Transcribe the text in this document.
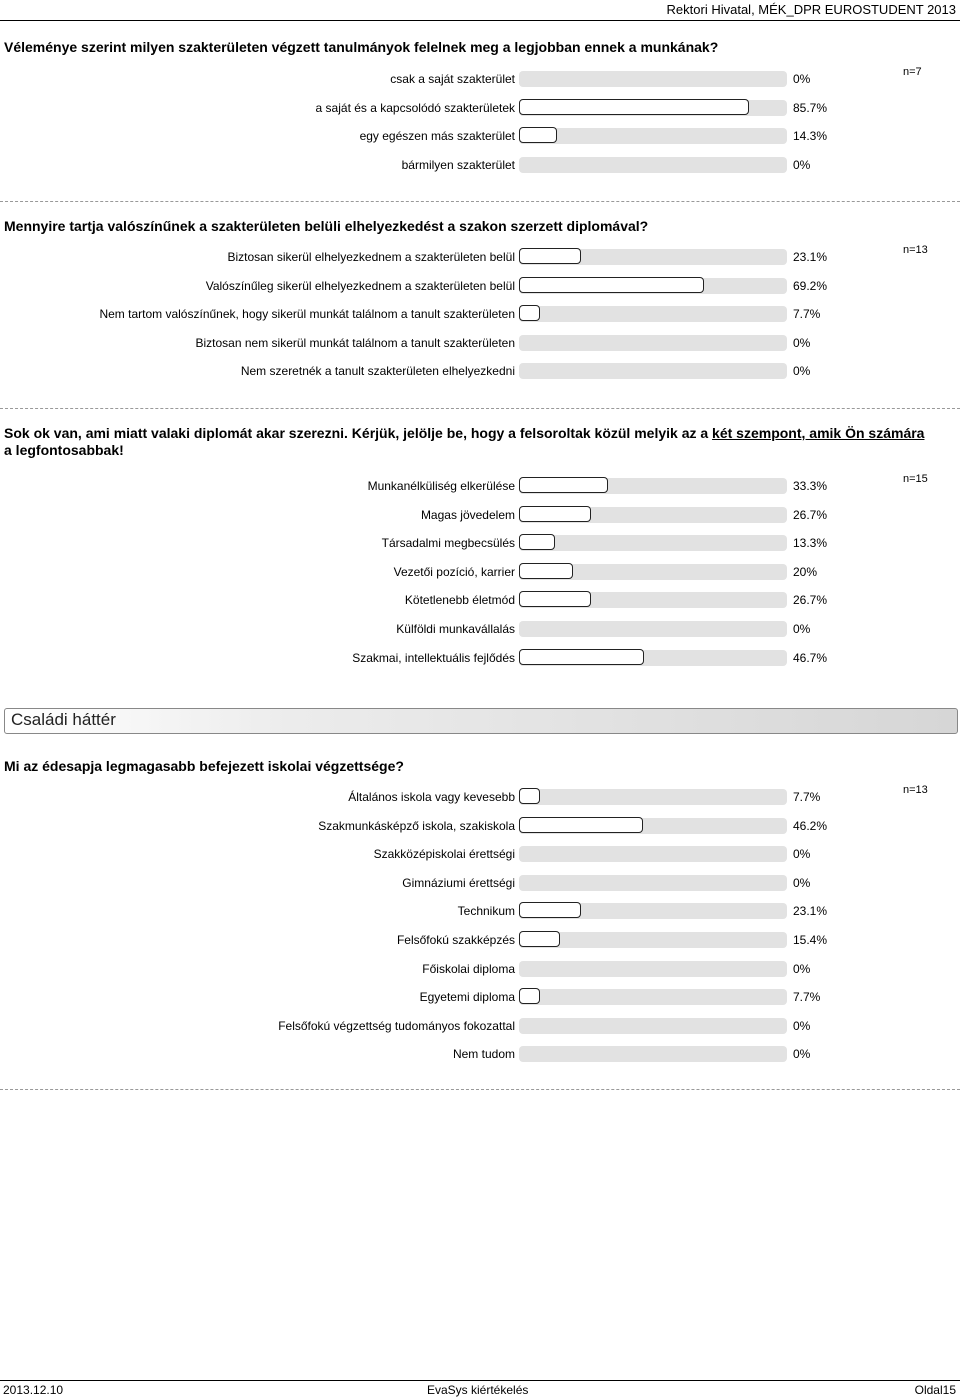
Rektori Hivatal, MÉK_DPR EUROSTUDENT 2013
Véleménye szerint milyen szakterületen végzett tanulmányok felelnek meg a legjobban ennek a munkának?
n=7
csak a saját szakterület	0%
a saját és a kapcsolódó szakterületek	85.7%
egy egészen más szakterület	14.3%
bármilyen szakterület	0%
Mennyire tartja valószínűnek a szakterületen belüli elhelyezkedést a szakon szerzett diplomával?
n=13
Biztosan sikerül elhelyezkednem a szakterületen belül	23.1%
Valószínűleg sikerül elhelyezkednem a szakterületen belül	69.2%
Nem tartom valószínűnek, hogy sikerül munkát találnom a tanult szakterületen	7.7%
Biztosan nem sikerül munkát találnom a tanult szakterületen	0%
Nem szeretnék a tanult szakterületen elhelyezkedni	0%
Sok ok van, ami miatt valaki diplomát akar szerezni. Kérjük, jelölje be, hogy a felsoroltak közül melyik az a két szempont, amik Ön számára a legfontosabbak!
n=15
Munkanélküliség elkerülése	33.3%
Magas jövedelem	26.7%
Társadalmi megbecsülés	13.3%
Vezetői pozíció, karrier	20%
Kötetlenebb életmód	26.7%
Külföldi munkavállalás	0%
Szakmai, intellektuális fejlődés	46.7%
Családi háttér
Mi az édesapja legmagasabb befejezett iskolai végzettsége?
n=13
Általános iskola vagy kevesebb	7.7%
Szakmunkásképző iskola, szakiskola	46.2%
Szakközépiskolai érettségi	0%
Gimnáziumi érettségi	0%
Technikum	23.1%
Felsőfokú szakképzés	15.4%
Főiskolai diploma	0%
Egyetemi diploma	7.7%
Felsőfokú végzettség tudományos fokozattal	0%
Nem tudom	0%
2013.12.10	EvaSys kiértékelés	Oldal15
